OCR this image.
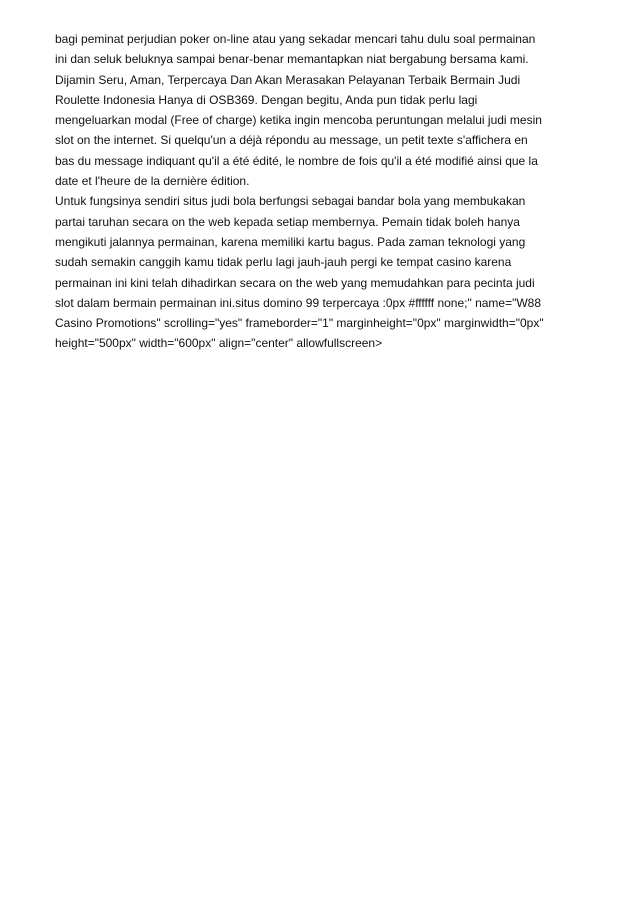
bagi peminat perjudian poker on-line atau yang sekadar mencari tahu dulu soal permainan
ini dan seluk beluknya sampai benar-benar memantapkan niat bergabung bersama kami.
Dijamin Seru, Aman, Terpercaya Dan Akan Merasakan Pelayanan Terbaik Bermain Judi
Roulette Indonesia Hanya di OSB369. Dengan begitu, Anda pun tidak perlu lagi
mengeluarkan modal (Free of charge) ketika ingin mencoba peruntungan melalui judi mesin
slot on the internet. Si quelqu'un a déjà répondu au message, un petit texte s'affichera en
bas du message indiquant qu'il a été édité, le nombre de fois qu'il a été modifié ainsi que la
date et l'heure de la dernière édition.
Untuk fungsinya sendiri situs judi bola berfungsi sebagai bandar bola yang membukakan
partai taruhan secara on the web kepada setiap membernya. Pemain tidak boleh hanya
mengikuti jalannya permainan, karena memiliki kartu bagus. Pada zaman teknologi yang
sudah semakin canggih kamu tidak perlu lagi jauh-jauh pergi ke tempat casino karena
permainan ini kini telah dihadirkan secara on the web yang memudahkan para pecinta judi
slot dalam bermain permainan ini.situs domino 99 terpercaya :0px #ffffff none;" name="W88
Casino Promotions" scrolling="yes" frameborder="1" marginheight="0px" marginwidth="0px"
height="500px" width="600px" align="center" allowfullscreen>
